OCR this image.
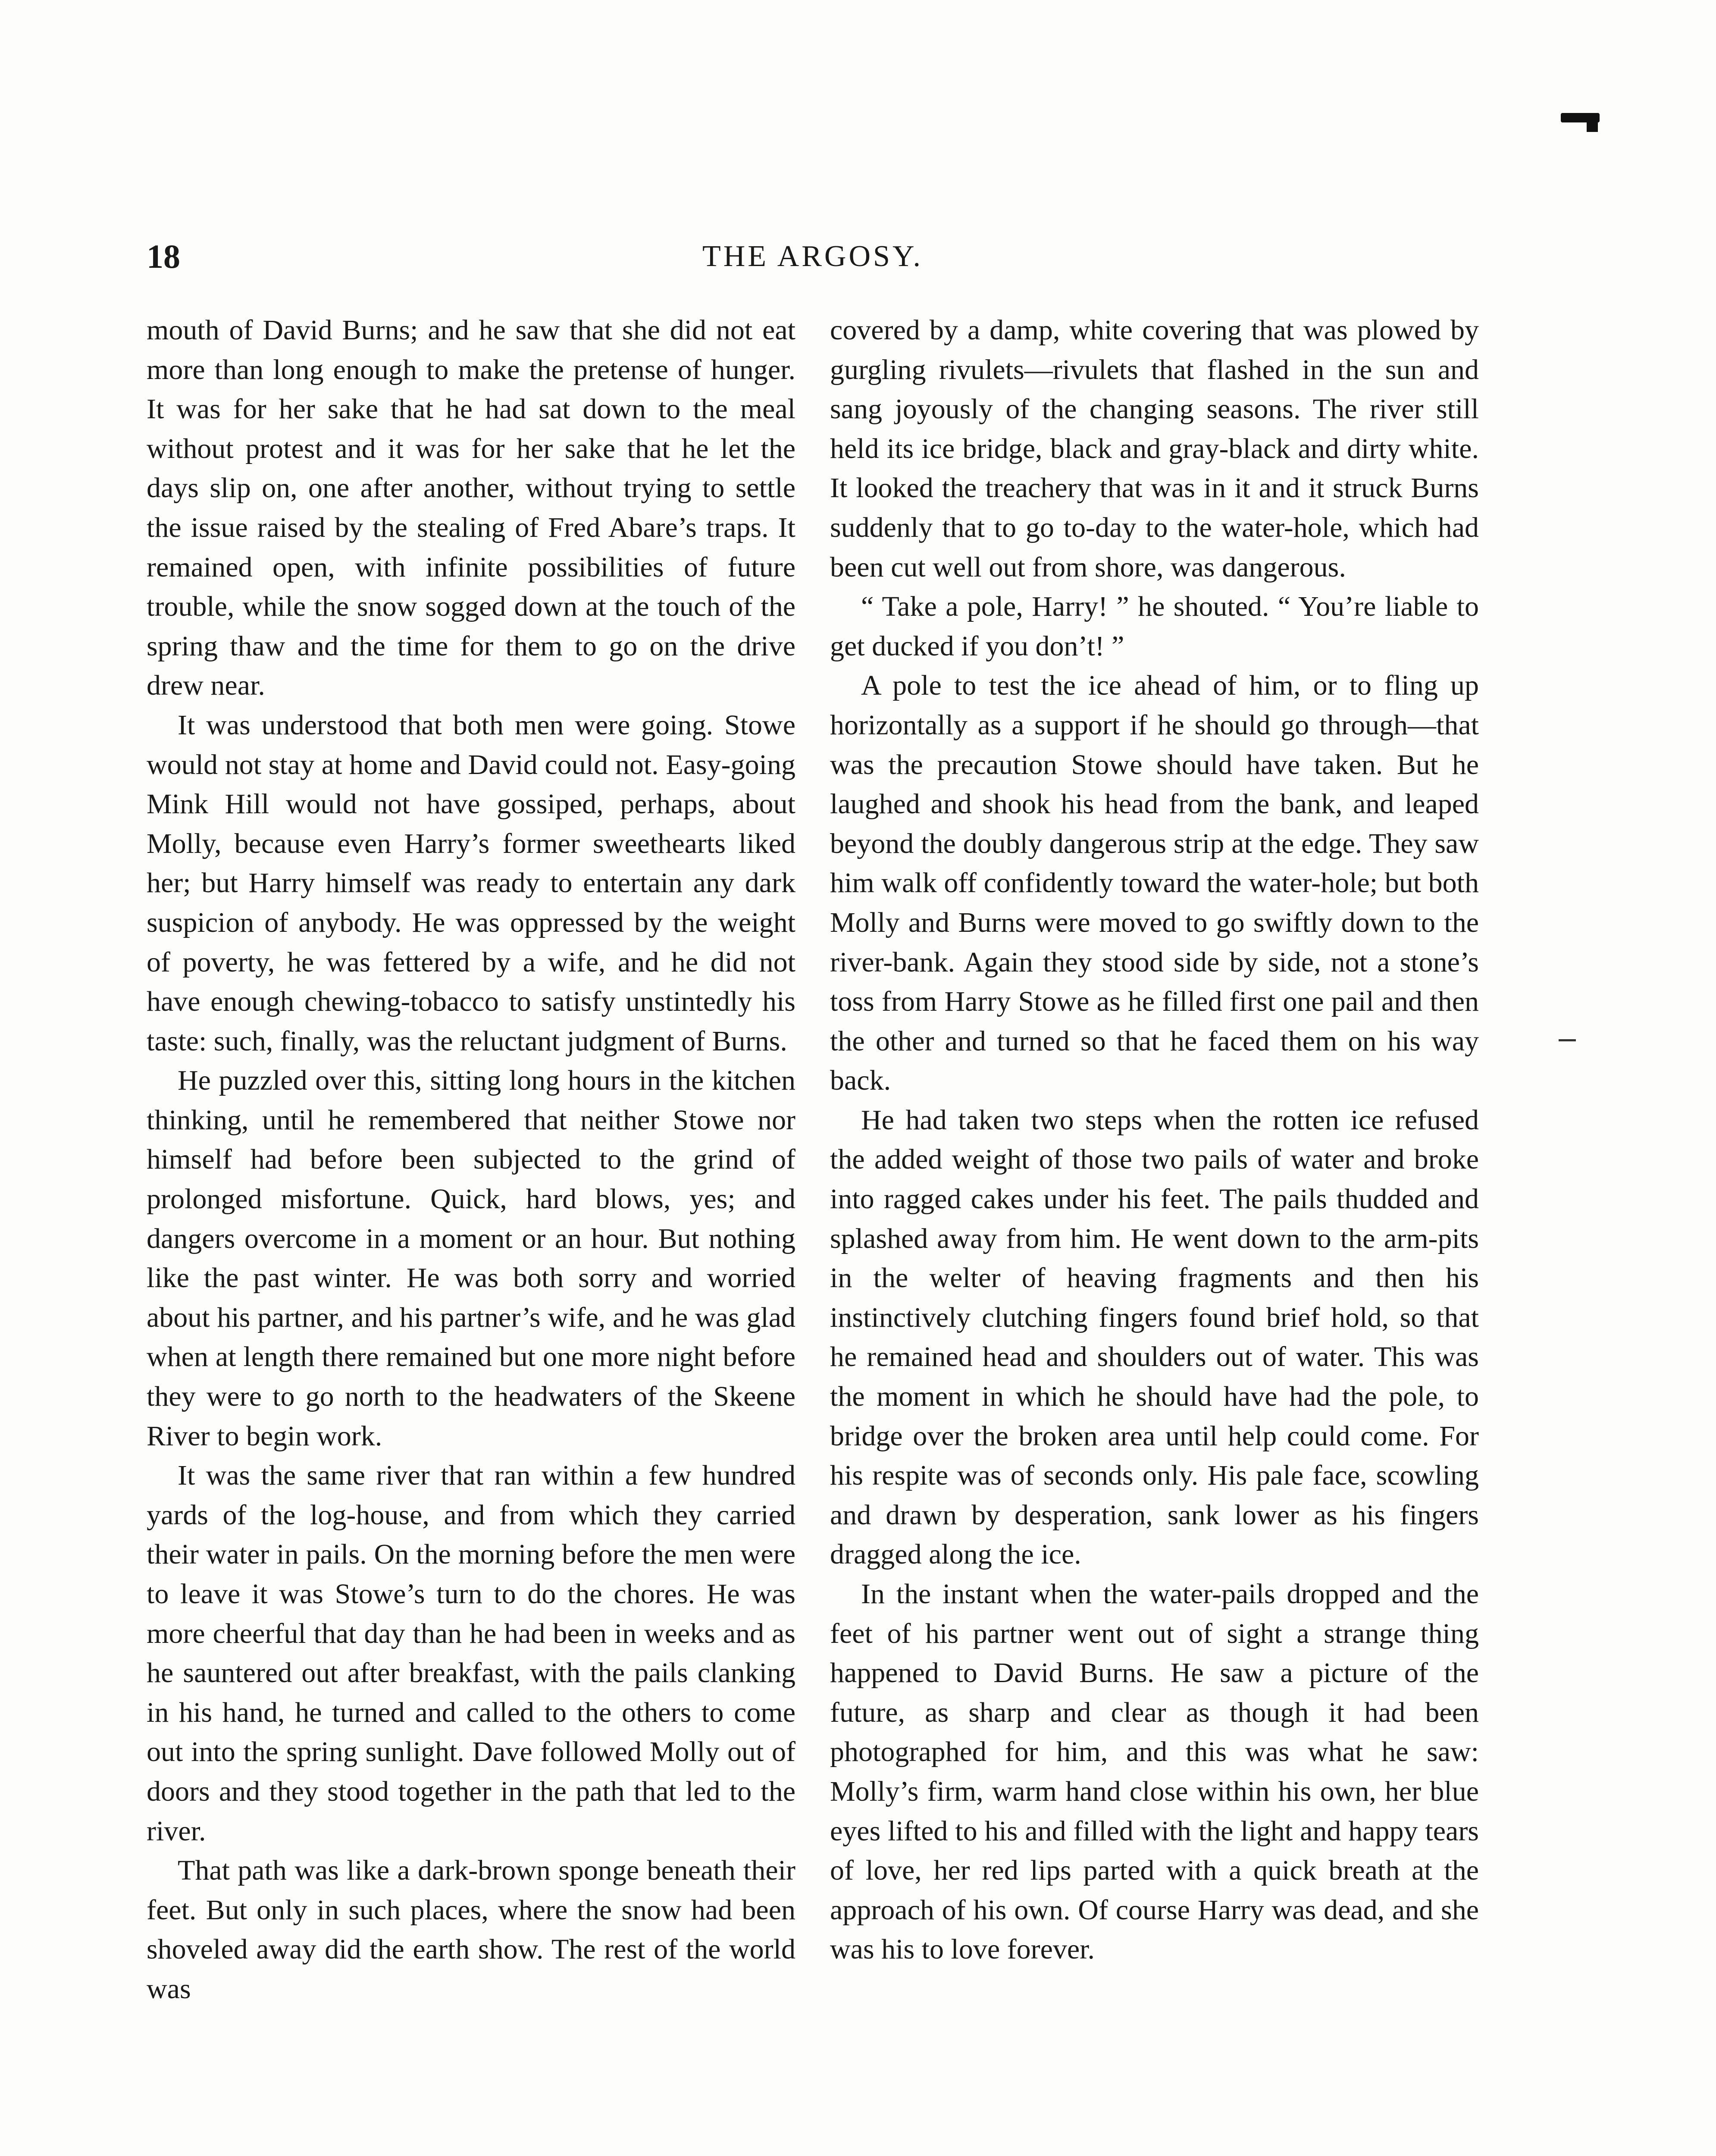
18	THE ARGOSY.

mouth of David Burns; and he saw that she did not eat more than long enough to make the pretense of hunger. It was for her sake that he had sat down to the meal without protest and it was for her sake that he let the days slip on, one after another, without trying to settle the issue raised by the stealing of Fred Abare’s traps. It remained open, with infinite possibilities of future trouble, while the snow sogged down at the touch of the spring thaw and the time for them to go on the drive drew near.

It was understood that both men were going. Stowe would not stay at home and David could not. Easy-going Mink Hill would not have gossiped, perhaps, about Molly, because even Harry’s former sweethearts liked her; but Harry himself was ready to entertain any dark suspicion of anybody. He was oppressed by the weight of poverty, he was fettered by a wife, and he did not have enough chewing-tobacco to satisfy unstintedly his taste: such, finally, was the reluctant judgment of Burns.

He puzzled over this, sitting long hours in the kitchen thinking, until he remembered that neither Stowe nor himself had before been subjected to the grind of prolonged misfortune. Quick, hard blows, yes; and dangers overcome in a moment or an hour. But nothing like the past winter. He was both sorry and worried about his partner, and his partner’s wife, and he was glad when at length there remained but one more night before they were to go north to the headwaters of the Skeene River to begin work.

It was the same river that ran within a few hundred yards of the log-house, and from which they carried their water in pails. On the morning before the men were to leave it was Stowe’s turn to do the chores. He was more cheerful that day than he had been in weeks and as he sauntered out after breakfast, with the pails clanking in his hand, he turned and called to the others to come out into the spring sunlight. Dave followed Molly out of doors and they stood together in the path that led to the river.

That path was like a dark-brown sponge beneath their feet. But only in such places, where the snow had been shoveled away did the earth show. The rest of the world was

covered by a damp, white covering that was plowed by gurgling rivulets—rivulets that flashed in the sun and sang joyously of the changing seasons. The river still held its ice bridge, black and gray-black and dirty white. It looked the treachery that was in it and it struck Burns suddenly that to go to-day to the water-hole, which had been cut well out from shore, was dangerous.

“ Take a pole, Harry! ” he shouted. “ You’re liable to get ducked if you don’t! ”

A pole to test the ice ahead of him, or to fling up horizontally as a support if he should go through—that was the precaution Stowe should have taken. But he laughed and shook his head from the bank, and leaped beyond the doubly dangerous strip at the edge. They saw him walk off confidently toward the water-hole; but both Molly and Burns were moved to go swiftly down to the river-bank. Again they stood side by side, not a stone’s toss from Harry Stowe as he filled first one pail and then the other and turned so that he faced them on his way back.

He had taken two steps when the rotten ice refused the added weight of those two pails of water and broke into ragged cakes under his feet. The pails thudded and splashed away from him. He went down to the arm-pits in the welter of heaving fragments and then his instinctively clutching fingers found brief hold, so that he remained head and shoulders out of water. This was the moment in which he should have had the pole, to bridge over the broken area until help could come. For his respite was of seconds only. His pale face, scowling and drawn by desperation, sank lower as his fingers dragged along the ice.

In the instant when the water-pails dropped and the feet of his partner went out of sight a strange thing happened to David Burns. He saw a picture of the future, as sharp and clear as though it had been photographed for him, and this was what he saw: Molly’s firm, warm hand close within his own, her blue eyes lifted to his and filled with the light and happy tears of love, her red lips parted with a quick breath at the approach of his own. Of course Harry was dead, and she was his to love forever.
